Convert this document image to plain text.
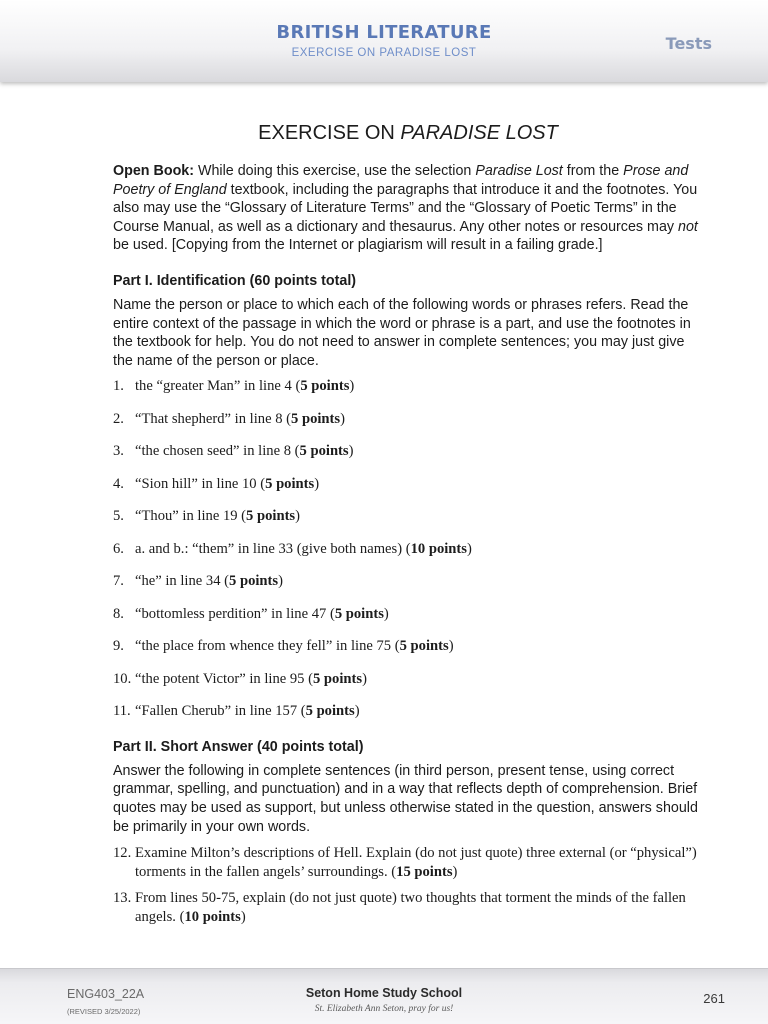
BRITISH LITERATURE
EXERCISE ON PARADISE LOST	Tests
EXERCISE ON PARADISE LOST

Open Book: While doing this exercise, use the selection Paradise Lost from the Prose and Poetry of England textbook, including the paragraphs that introduce it and the footnotes. You also may use the “Glossary of Literature Terms” and the “Glossary of Poetic Terms” in the Course Manual, as well as a dictionary and thesaurus. Any other notes or resources may not be used. [Copying from the Internet or plagiarism will result in a failing grade.]

Part I. Identification (60 points total)

Name the person or place to which each of the following words or phrases refers. Read the entire context of the passage in which the word or phrase is a part, and use the footnotes in the textbook for help. You do not need to answer in complete sentences; you may just give the name of the person or place.

1. the “greater Man” in line 4 (5 points)
2. “That shepherd” in line 8 (5 points)
3. “the chosen seed” in line 8 (5 points)
4. “Sion hill” in line 10 (5 points)
5. “Thou” in line 19 (5 points)
6. a. and b.: “them” in line 33 (give both names) (10 points)
7. “he” in line 34 (5 points)
8. “bottomless perdition” in line 47 (5 points)
9. “the place from whence they fell” in line 75 (5 points)
10. “the potent Victor” in line 95 (5 points)
11. “Fallen Cherub” in line 157 (5 points)
Part II. Short Answer (40 points total)

Answer the following in complete sentences (in third person, present tense, using correct grammar, spelling, and punctuation) and in a way that reflects depth of comprehension. Brief quotes may be used as support, but unless otherwise stated in the question, answers should be primarily in your own words.

12. Examine Milton’s descriptions of Hell. Explain (do not just quote) three external (or “physical”) torments in the fallen angels’ surroundings. (15 points)
13. From lines 50-75, explain (do not just quote) two thoughts that torment the minds of the fallen angels. (10 points)
ENG403_22A
(REVISED 3/25/2022)
Seton Home Study School
St. Elizabeth Ann Seton, pray for us!
261
